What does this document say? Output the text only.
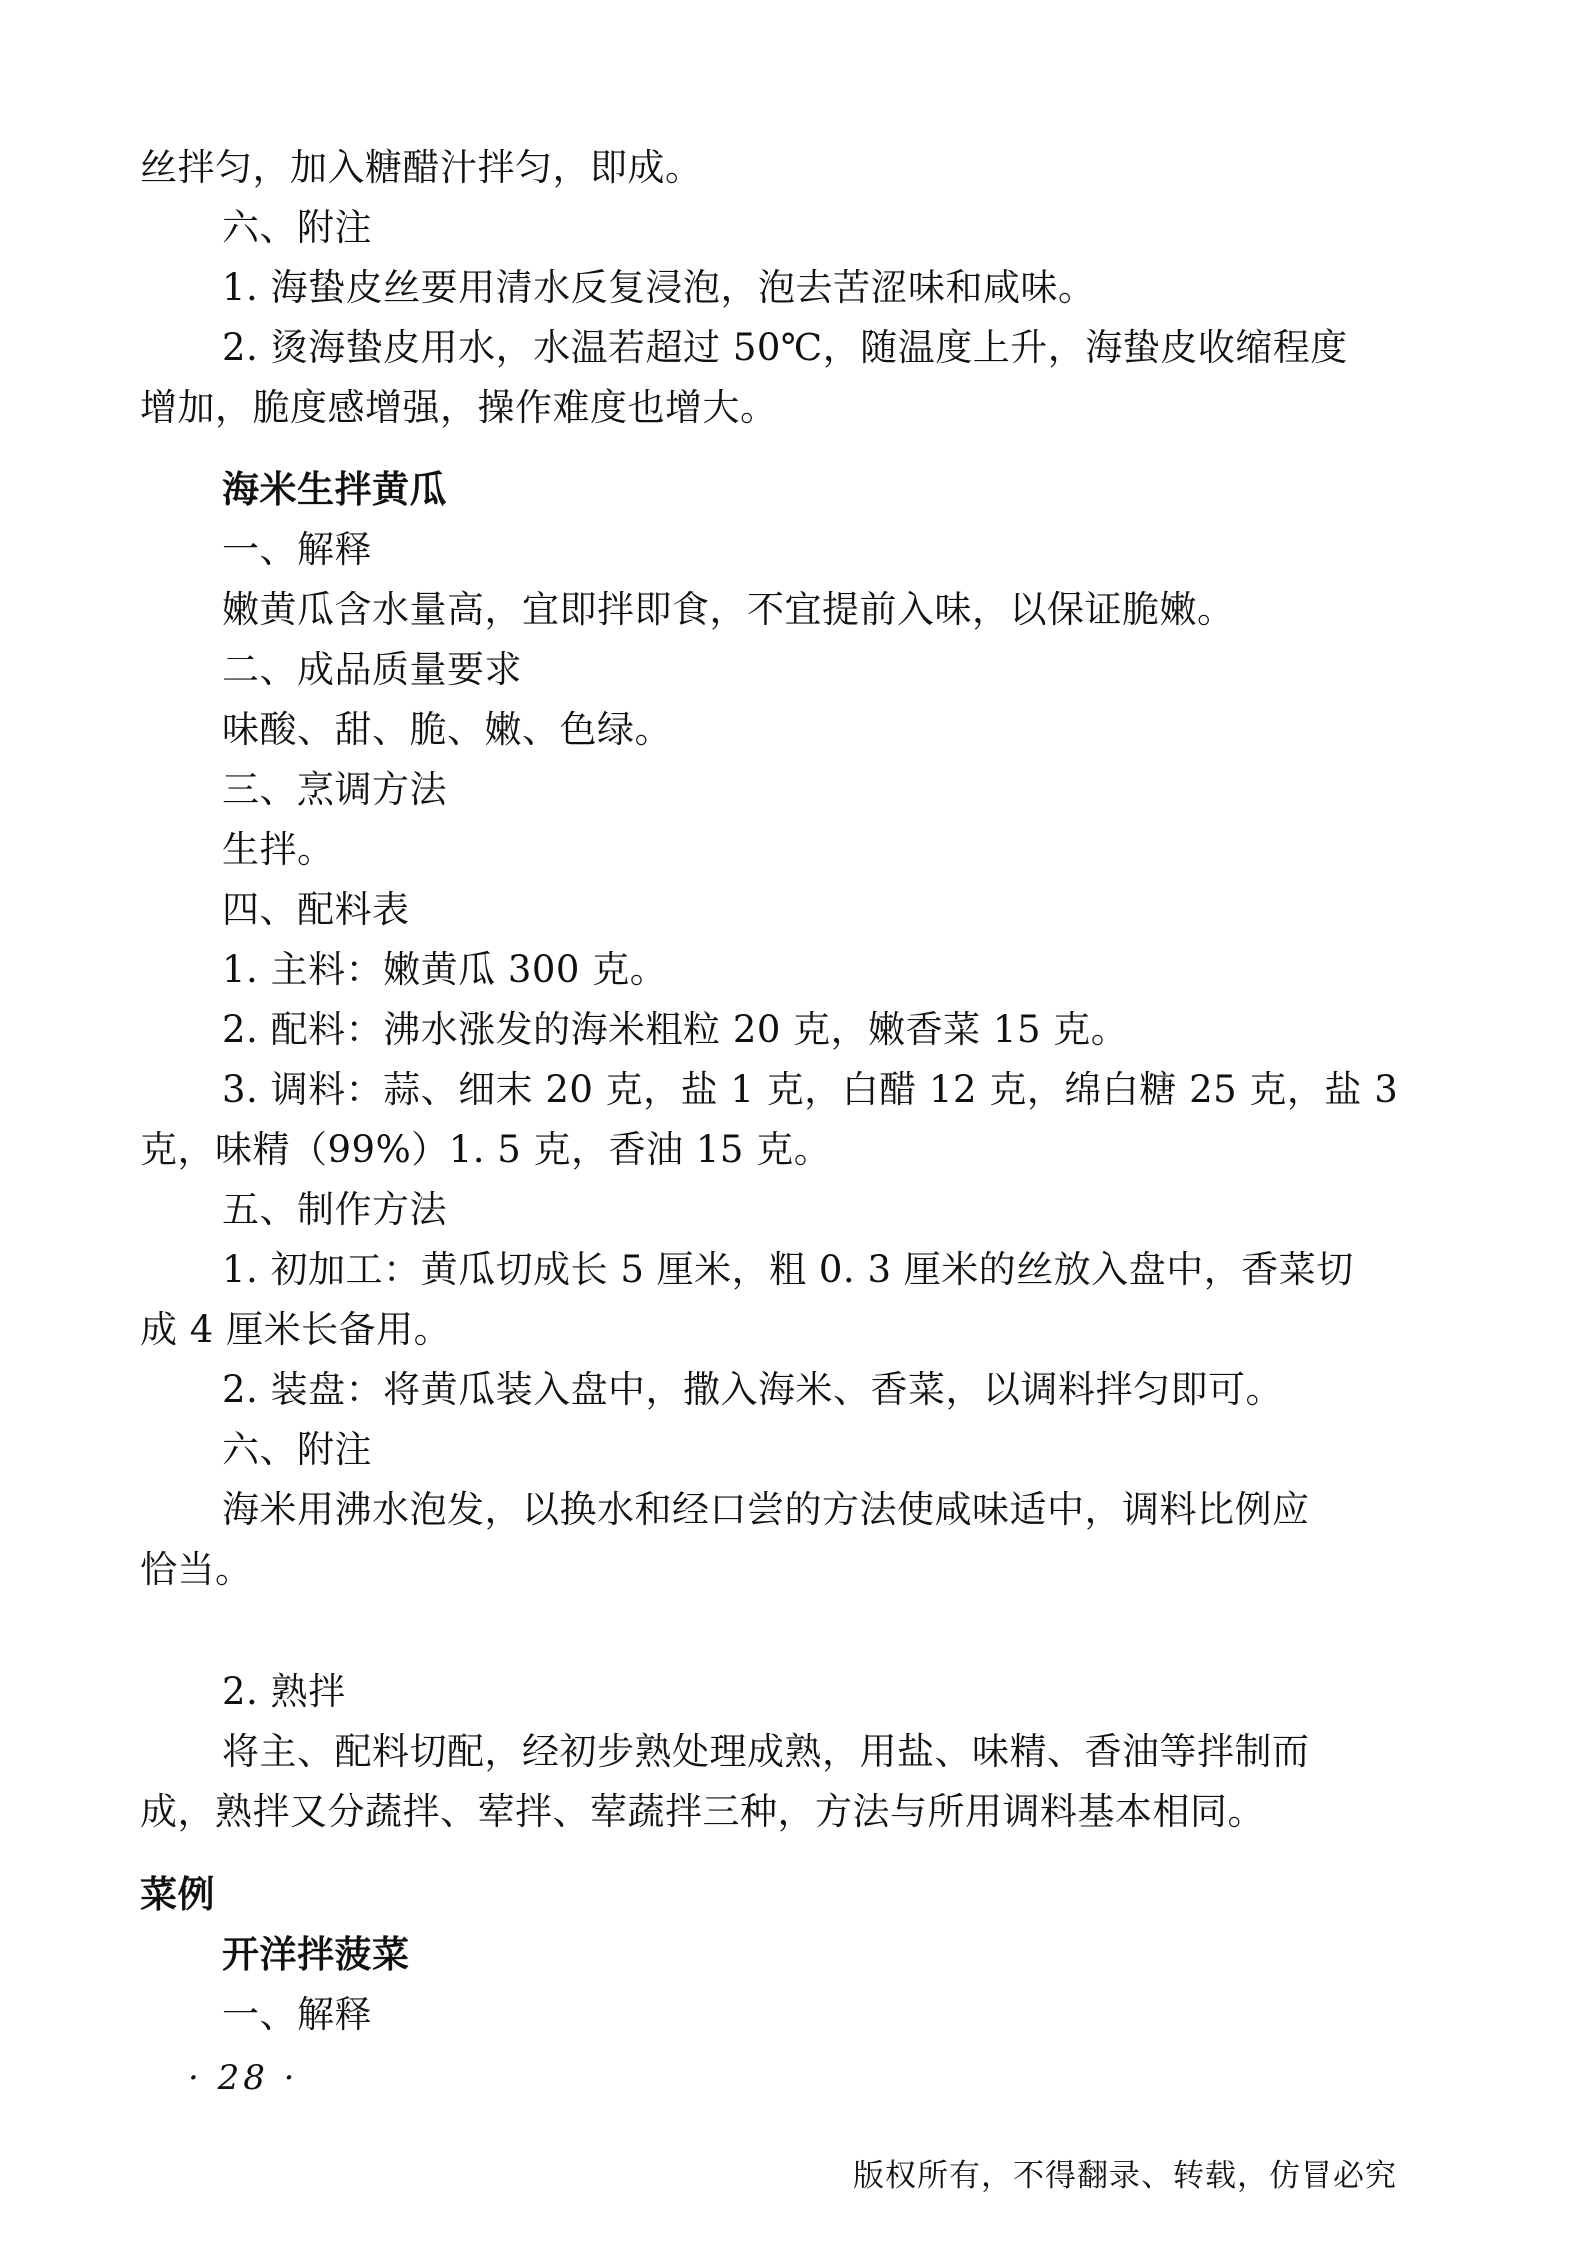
丝拌匀，加入糖醋汁拌匀，即成。
六、附注
1. 海蛰皮丝要用清水反复浸泡，泡去苦涩味和咸味。
2. 烫海蛰皮用水，水温若超过 50℃，随温度上升，海蛰皮收缩程度
增加，脆度感增强，操作难度也增大。
海米生拌黄瓜
一、解释
嫩黄瓜含水量高，宜即拌即食，不宜提前入味，以保证脆嫩。
二、成品质量要求
味酸、甜、脆、嫩、色绿。
三、烹调方法
生拌。
四、配料表
1. 主料：嫩黄瓜 300 克。
2. 配料：沸水涨发的海米粗粒 20 克，嫩香菜 15 克。
3. 调料：蒜、细末 20 克，盐 1 克，白醋 12 克，绵白糖 25 克，盐 3
克，味精（99%）1. 5 克，香油 15 克。
五、制作方法
1. 初加工：黄瓜切成长 5 厘米，粗 0. 3 厘米的丝放入盘中，香菜切
成 4 厘米长备用。
2. 装盘：将黄瓜装入盘中，撒入海米、香菜，以调料拌匀即可。
六、附注
海米用沸水泡发，以换水和经口尝的方法使咸味适中，调料比例应
恰当。
2. 熟拌
将主、配料切配，经初步熟处理成熟，用盐、味精、香油等拌制而
成，熟拌又分蔬拌、荤拌、荤蔬拌三种，方法与所用调料基本相同。
菜例
开洋拌菠菜
一、解释
· 28 ·
版权所有，不得翻录、转载，仿冒必究
